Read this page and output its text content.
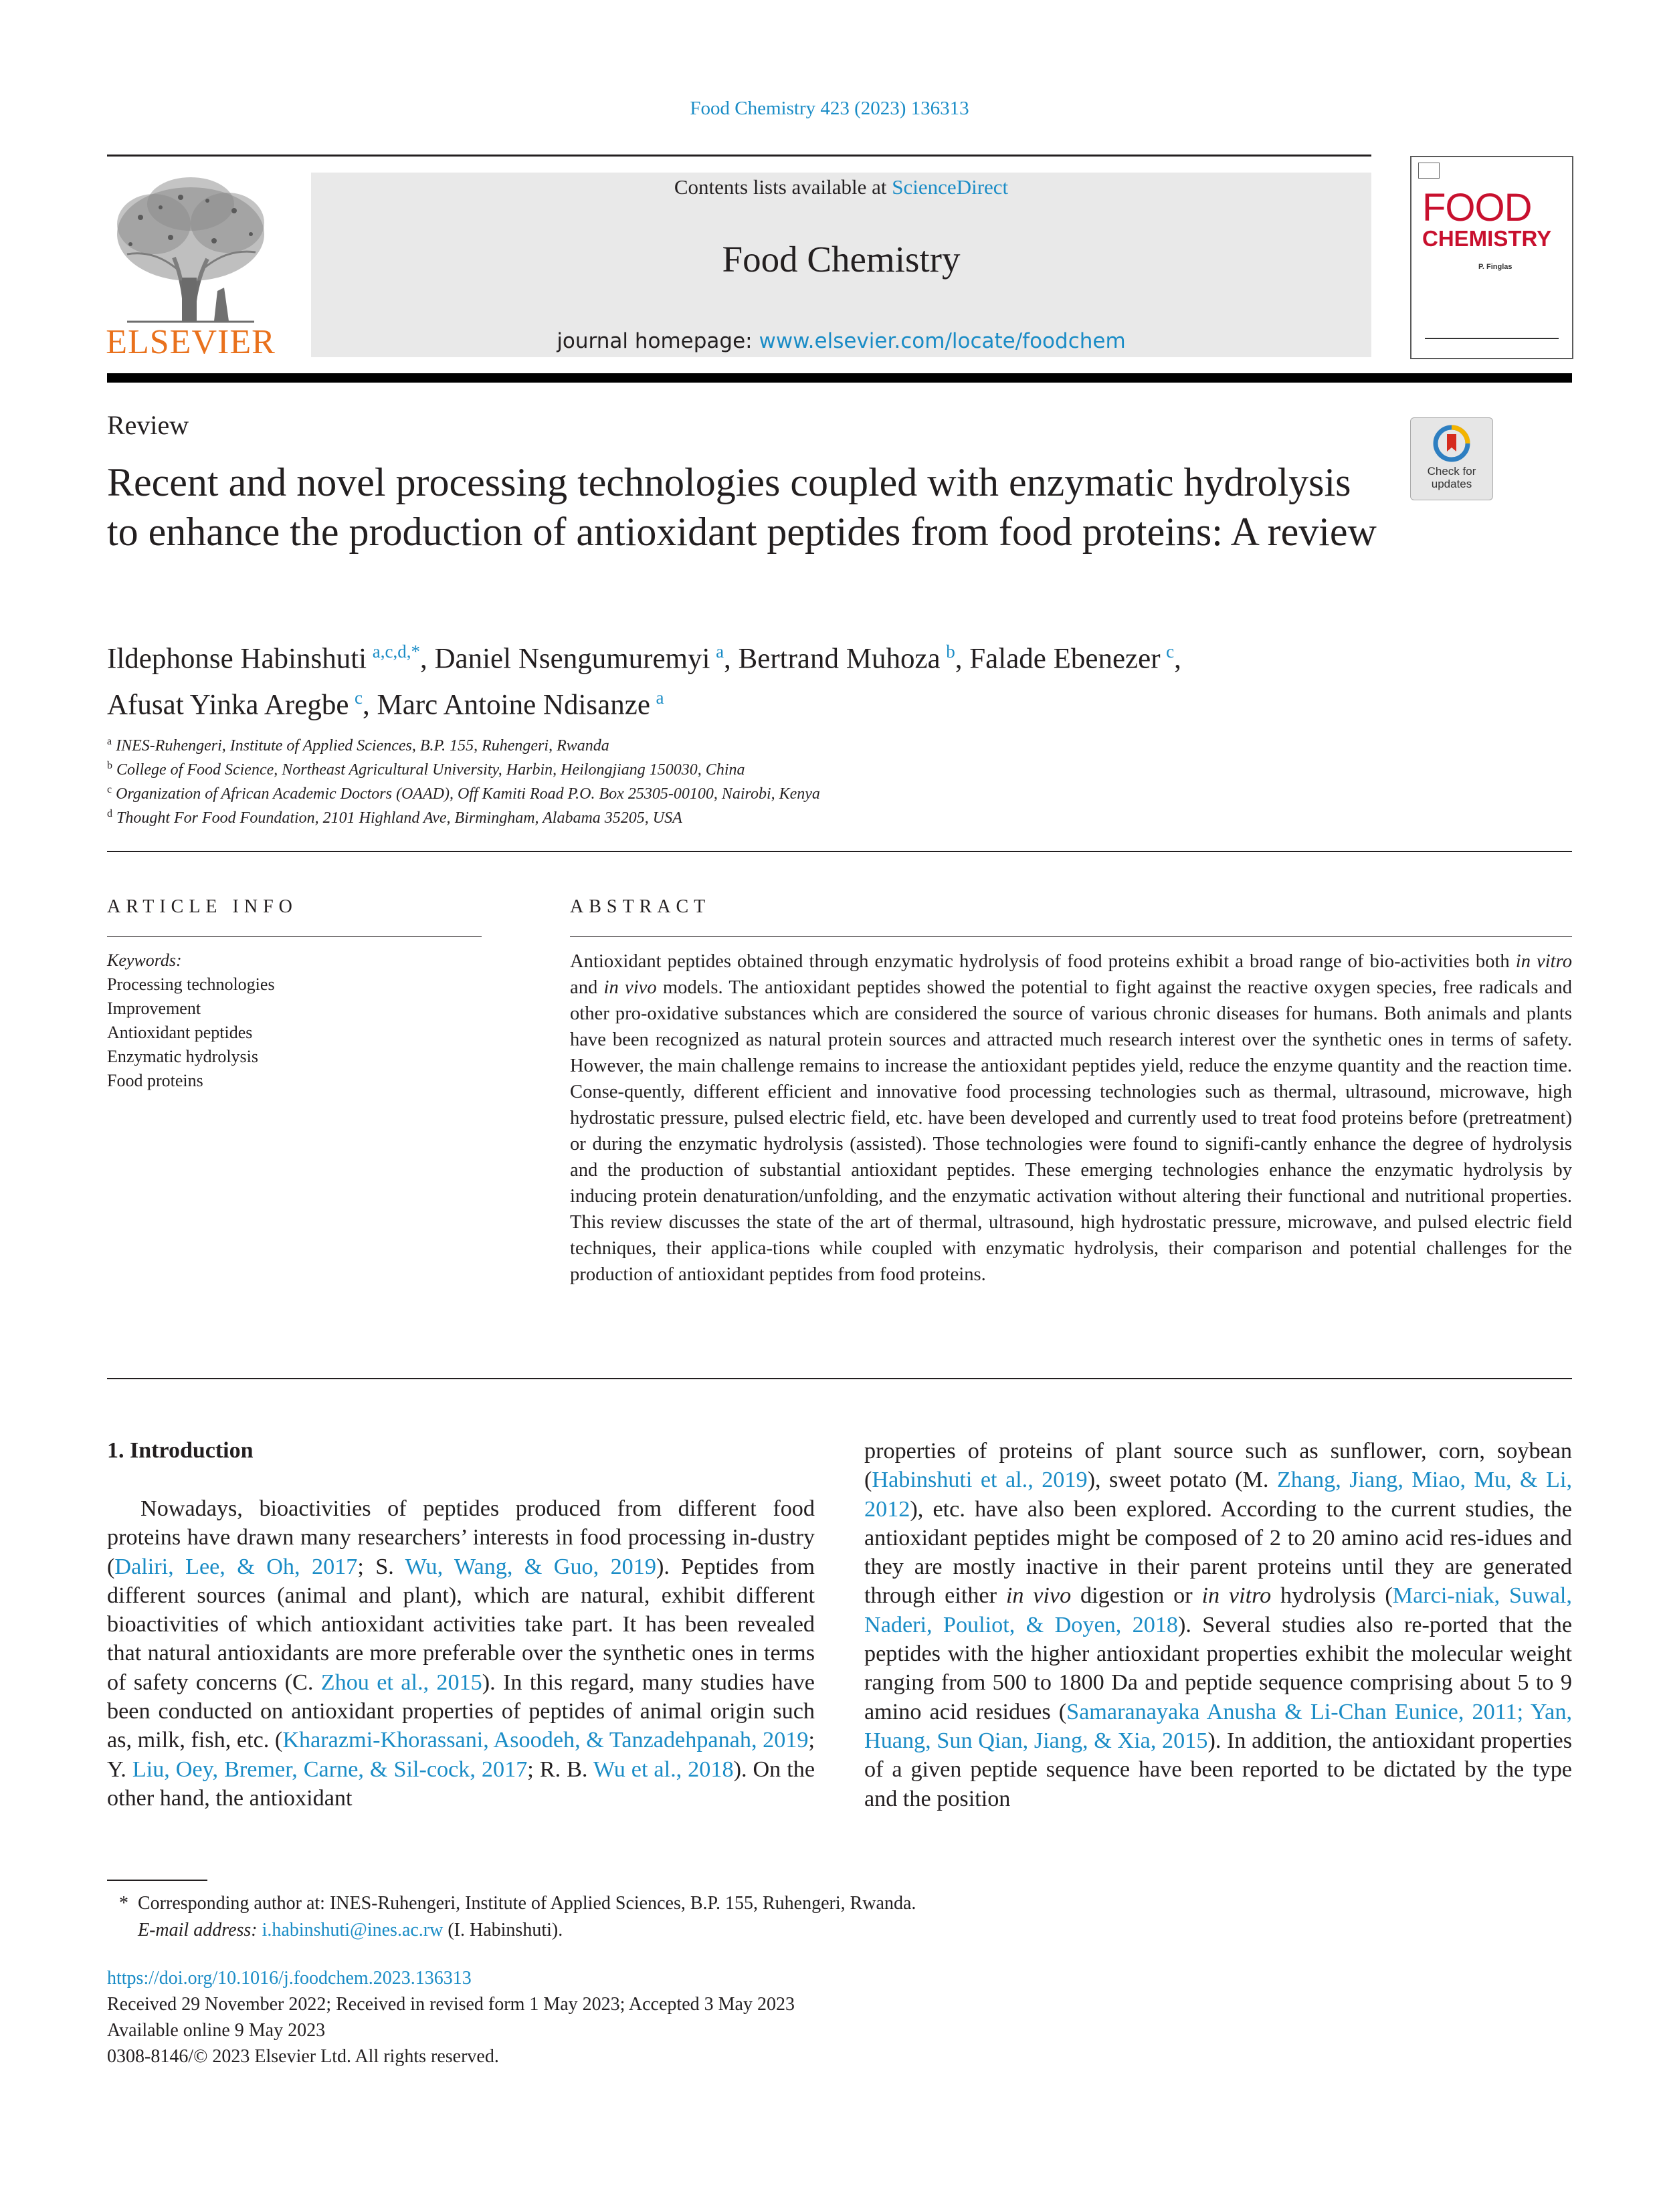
Food Chemistry 423 (2023) 136313
Contents lists available at ScienceDirect
Food Chemistry
journal homepage: www.elsevier.com/locate/foodchem
ELSEVIER
FOOD
CHEMISTRY
P. Finglas
Review
Recent and novel processing technologies coupled with enzymatic hydrolysis to enhance the production of antioxidant peptides from food proteins: A review
Check for
updates
Ildephonse Habinshuti $^{a,c,d,*}$, Daniel Nsengumuremyi $^a$, Bertrand Muhoza $^b$, Falade Ebenezer $^c$,
Afusat Yinka Aregbe $^c$, Marc Antoine Ndisanze $^a$
$^a$ INES-Ruhengeri, Institute of Applied Sciences, B.P. 155, Ruhengeri, Rwanda
$^b$ College of Food Science, Northeast Agricultural University, Harbin, Heilongjiang 150030, China
$^c$ Organization of African Academic Doctors (OAAD), Off Kamiti Road P.O. Box 25305-00100, Nairobi, Kenya
$^d$ Thought For Food Foundation, 2101 Highland Ave, Birmingham, Alabama 35205, USA
ARTICLE INFO
Keywords:
Processing technologies
Improvement
Antioxidant peptides
Enzymatic hydrolysis
Food proteins
ABSTRACT
Antioxidant peptides obtained through enzymatic hydrolysis of food proteins exhibit a broad range of bio-activities both in vitro and in vivo models. The antioxidant peptides showed the potential to fight against the reactive oxygen species, free radicals and other pro-oxidative substances which are considered the source of various chronic diseases for humans. Both animals and plants have been recognized as natural protein sources and attracted much research interest over the synthetic ones in terms of safety. However, the main challenge remains to increase the antioxidant peptides yield, reduce the enzyme quantity and the reaction time. Conse-quently, different efficient and innovative food processing technologies such as thermal, ultrasound, microwave, high hydrostatic pressure, pulsed electric field, etc. have been developed and currently used to treat food proteins before (pretreatment) or during the enzymatic hydrolysis (assisted). Those technologies were found to signifi-cantly enhance the degree of hydrolysis and the production of substantial antioxidant peptides. These emerging technologies enhance the enzymatic hydrolysis by inducing protein denaturation/unfolding, and the enzymatic activation without altering their functional and nutritional properties. This review discusses the state of the art of thermal, ultrasound, high hydrostatic pressure, microwave, and pulsed electric field techniques, their applica-tions while coupled with enzymatic hydrolysis, their comparison and potential challenges for the production of antioxidant peptides from food proteins.
1. Introduction
Nowadays, bioactivities of peptides produced from different food proteins have drawn many researchers’ interests in food processing in-dustry (Daliri, Lee, & Oh, 2017; S. Wu, Wang, & Guo, 2019). Peptides from different sources (animal and plant), which are natural, exhibit different bioactivities of which antioxidant activities take part. It has been revealed that natural antioxidants are more preferable over the synthetic ones in terms of safety concerns (C. Zhou et al., 2015). In this regard, many studies have been conducted on antioxidant properties of peptides of animal origin such as, milk, fish, etc. (Kharazmi-Khorassani, Asoodeh, & Tanzadehpanah, 2019; Y. Liu, Oey, Bremer, Carne, & Sil-cock, 2017; R. B. Wu et al., 2018). On the other hand, the antioxidant
properties of proteins of plant source such as sunflower, corn, soybean (Habinshuti et al., 2019), sweet potato (M. Zhang, Jiang, Miao, Mu, & Li, 2012), etc. have also been explored. According to the current studies, the antioxidant peptides might be composed of 2 to 20 amino acid res-idues and they are mostly inactive in their parent proteins until they are generated through either in vivo digestion or in vitro hydrolysis (Marci-niak, Suwal, Naderi, Pouliot, & Doyen, 2018). Several studies also re-ported that the peptides with the higher antioxidant properties exhibit the molecular weight ranging from 500 to 1800 Da and peptide sequence comprising about 5 to 9 amino acid residues (Samaranayaka Anusha & Li-Chan Eunice, 2011; Yan, Huang, Sun Qian, Jiang, & Xia, 2015). In addition, the antioxidant properties of a given peptide sequence have been reported to be dictated by the type and the position
* Corresponding author at: INES-Ruhengeri, Institute of Applied Sciences, B.P. 155, Ruhengeri, Rwanda.
E-mail address: i.habinshuti@ines.ac.rw (I. Habinshuti).
https://doi.org/10.1016/j.foodchem.2023.136313
Received 29 November 2022; Received in revised form 1 May 2023; Accepted 3 May 2023
Available online 9 May 2023
0308-8146/© 2023 Elsevier Ltd. All rights reserved.
